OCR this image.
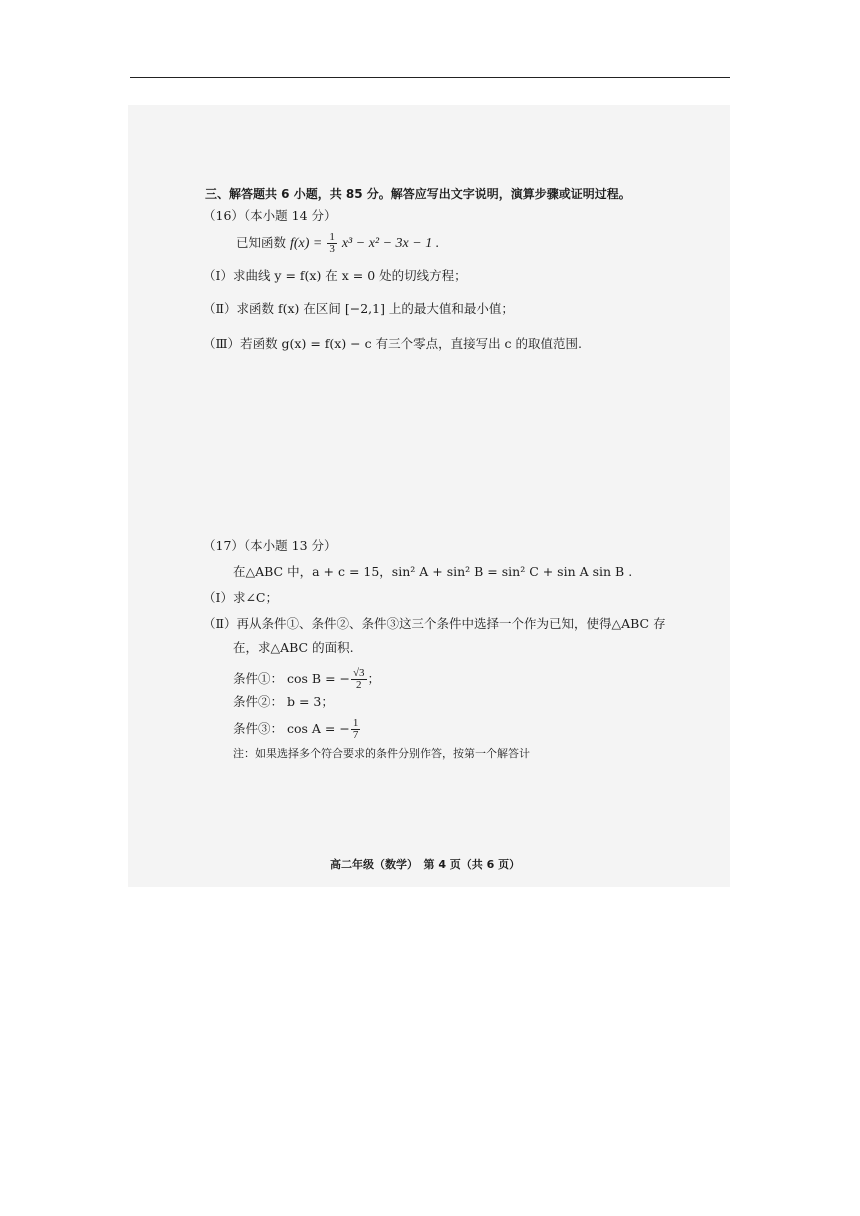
三、解答题共 6 小题，共 85 分。解答应写出文字说明，演算步骤或证明过程。
（16）（本小题 14 分）
已知函数 $f(x) = \frac{1}{3} x^3 - x^2 - 3x - 1$ .
（Ⅰ）求曲线 y = f(x) 在 x = 0 处的切线方程；
（Ⅱ）求函数 f(x) 在区间 [−2,1] 上的最大值和最小值；
（Ⅲ）若函数 g(x) = f(x) − c 有三个零点，直接写出 c 的取值范围.
（17）（本小题 13 分）
在△ABC 中，a + c = 15，sin² A + sin² B = sin² C + sin A sin B .
（Ⅰ）求∠C；
（Ⅱ）再从条件①、条件②、条件③这三个条件中选择一个作为已知，使得△ABC 存
在，求△ABC 的面积.
条件①： cos B = − $\frac{√3}{2}$ ；
条件②： b = 3；
条件③： cos A = − $\frac{1}{7}$
注：如果选择多个符合要求的条件分别作答，按第一个解答计
高二年级（数学）　第 4 页（共 6 页）
